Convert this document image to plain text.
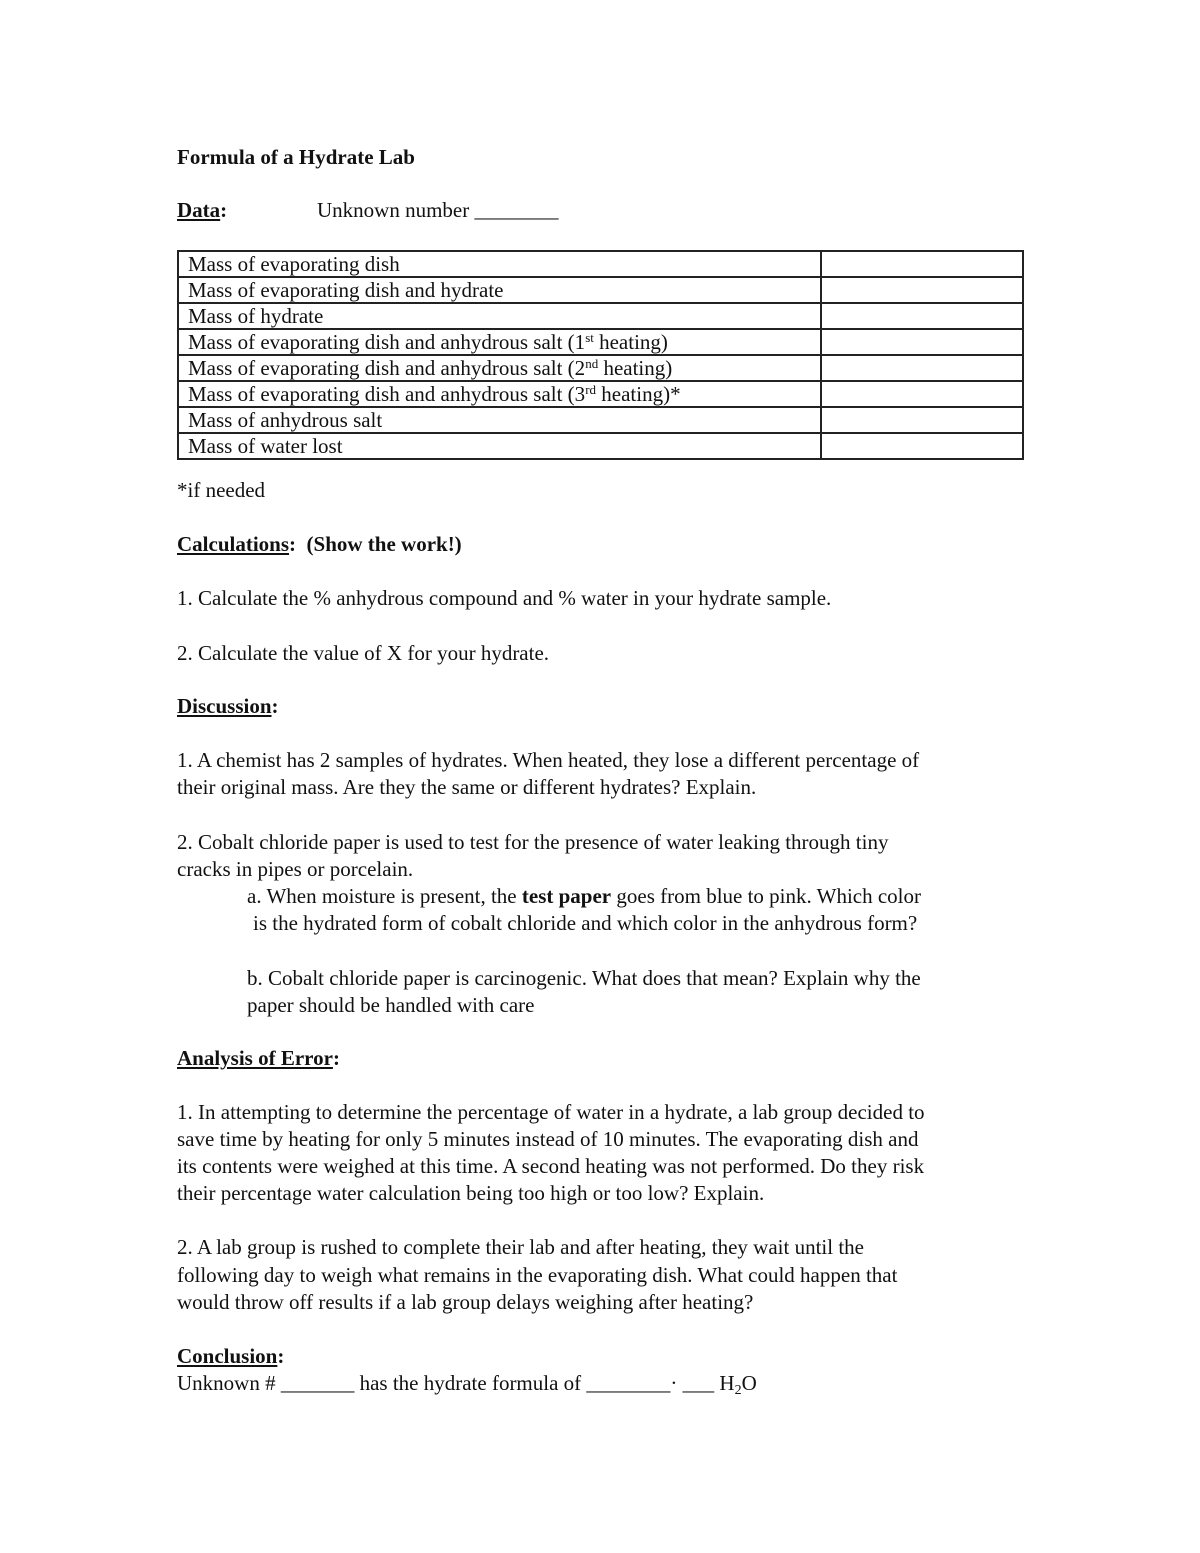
Formula of a Hydrate Lab
Data:	Unknown number ________
Mass of evaporating dish	
Mass of evaporating dish and hydrate	
Mass of hydrate	
Mass of evaporating dish and anhydrous salt (1st heating)	
Mass of evaporating dish and anhydrous salt (2nd heating)	
Mass of evaporating dish and anhydrous salt (3rd heating)*	
Mass of anhydrous salt	
Mass of water lost	
*if needed
Calculations:  (Show the work!)
1. Calculate the % anhydrous compound and % water in your hydrate sample.
2. Calculate the value of X for your hydrate.
Discussion:
1. A chemist has 2 samples of hydrates. When heated, they lose a different percentage of
their original mass. Are they the same or different hydrates? Explain.
2. Cobalt chloride paper is used to test for the presence of water leaking through tiny
cracks in pipes or porcelain.
a. When moisture is present, the test paper goes from blue to pink. Which color
is the hydrated form of cobalt chloride and which color in the anhydrous form?
b. Cobalt chloride paper is carcinogenic. What does that mean? Explain why the
paper should be handled with care
Analysis of Error:
1. In attempting to determine the percentage of water in a hydrate, a lab group decided to
save time by heating for only 5 minutes instead of 10 minutes. The evaporating dish and
its contents were weighed at this time. A second heating was not performed. Do they risk
their percentage water calculation being too high or too low? Explain.
2. A lab group is rushed to complete their lab and after heating, they wait until the
following day to weigh what remains in the evaporating dish. What could happen that
would throw off results if a lab group delays weighing after heating?
Conclusion:
Unknown # _______ has the hydrate formula of ________· ___ $H_2O$
